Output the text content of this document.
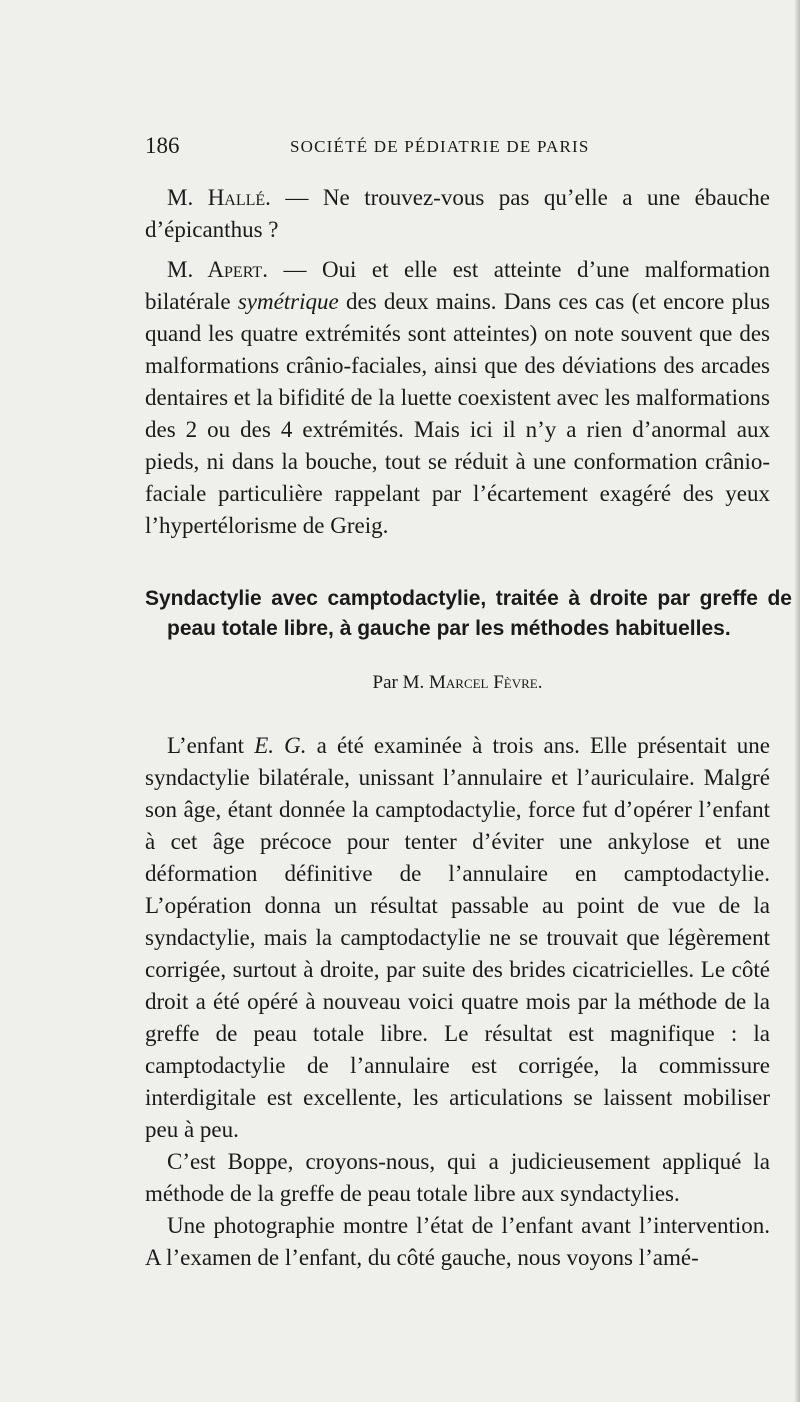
186	SOCIÉTÉ DE PÉDIATRIE DE PARIS

M. Hallé. — Ne trouvez-vous pas qu’elle a une ébauche d’épicanthus ?

M. Apert. — Oui et elle est atteinte d’une malformation bilatérale symétrique des deux mains. Dans ces cas (et encore plus quand les quatre extrémités sont atteintes) on note souvent que des malformations crânio-faciales, ainsi que des déviations des arcades dentaires et la bifidité de la luette coexistent avec les malformations des 2 ou des 4 extrémités. Mais ici il n’y a rien d’anormal aux pieds, ni dans la bouche, tout se réduit à une conformation crânio-faciale particulière rappelant par l’écartement exagéré des yeux l’hypertélorisme de Greig.

Syndactylie avec camptodactylie, traitée à droite par greffe de peau totale libre, à gauche par les méthodes habituelles.
Par M. Marcel Fèvre.

L’enfant E. G. a été examinée à trois ans. Elle présentait une syndactylie bilatérale, unissant l’annulaire et l’auriculaire. Malgré son âge, étant donnée la camptodactylie, force fut d’opérer l’enfant à cet âge précoce pour tenter d’éviter une ankylose et une déformation définitive de l’annulaire en camptodactylie. L’opération donna un résultat passable au point de vue de la syndactylie, mais la camptodactylie ne se trouvait que légèrement corrigée, surtout à droite, par suite des brides cicatricielles. Le côté droit a été opéré à nouveau voici quatre mois par la méthode de la greffe de peau totale libre. Le résultat est magnifique : la camptodactylie de l’annulaire est corrigée, la commissure interdigitale est excellente, les articulations se laissent mobiliser peu à peu.

C’est Boppe, croyons-nous, qui a judicieusement appliqué la méthode de la greffe de peau totale libre aux syndactylies.

Une photographie montre l’état de l’enfant avant l’intervention. A l’examen de l’enfant, du côté gauche, nous voyons l’amé-
